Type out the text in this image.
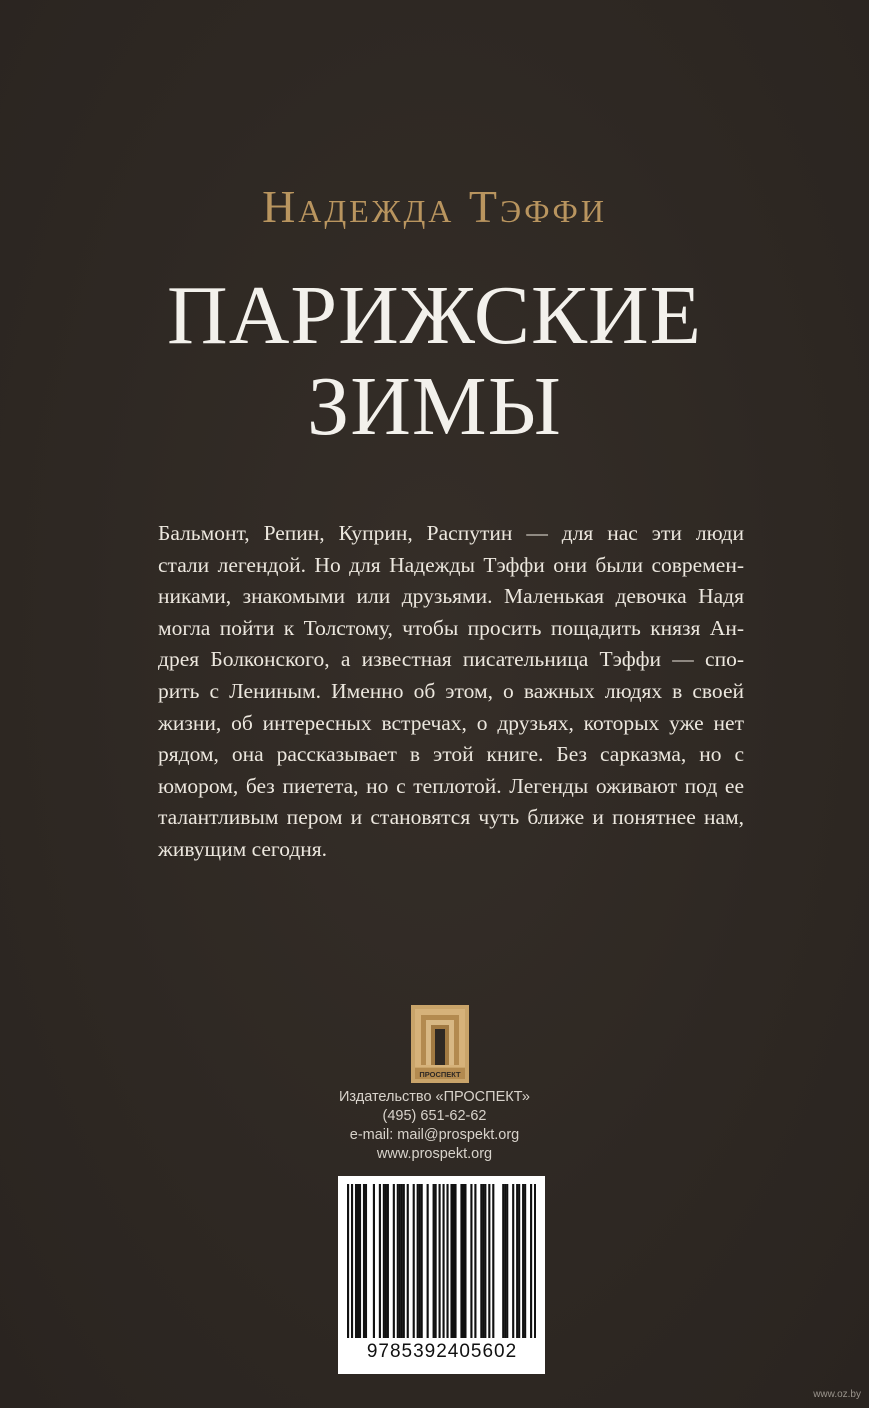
Надежда Тэффи
ПАРИЖСКИЕ
ЗИМЫ
Бальмонт, Репин, Куприн, Распутин — для нас эти люди
стали легендой. Но для Надежды Тэффи они были современ-
никами, знакомыми или друзьями. Маленькая девочка Надя
могла пойти к Толстому, чтобы просить пощадить князя Ан-
дрея Болконского, а известная писательница Тэффи — спо-
рить с Лениным. Именно об этом, о важных людях в своей
жизни, об интересных встречах, о друзьях, которых уже нет
рядом, она рассказывает в этой книге. Без сарказма, но с
юмором, без пиетета, но с теплотой. Легенды оживают под ее
талантливым пером и становятся чуть ближе и понятнее нам,
живущим сегодня.
ПРОСПЕКТ
Издательство «ПРОСПЕКТ»
(495) 651-62-62
e-mail: mail@prospekt.org
www.prospekt.org
9785392405602
www.oz.by
